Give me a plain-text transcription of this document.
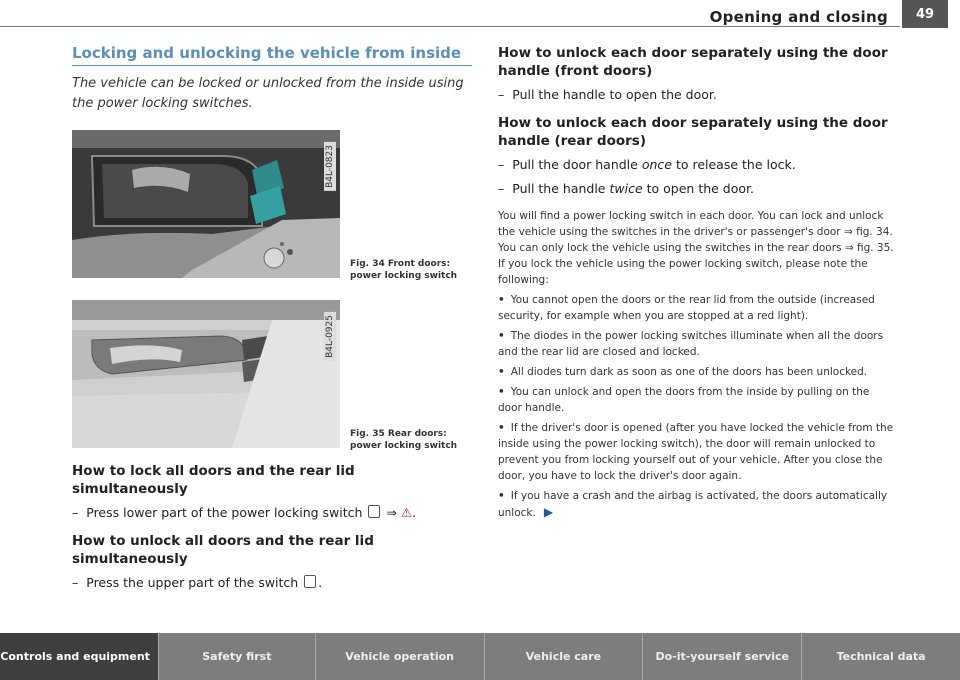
Opening and closing	49
Locking and unlocking the vehicle from inside

The vehicle can be locked or unlocked from the inside using the power locking switches.

B4L-0823
Fig. 34 Front doors:
power locking switch
B4L-0925
Fig. 35 Rear doors:
power locking switch
How to lock all doors and the rear lid simultaneously

– Press lower part of the power locking switch ⇒ ⚠.

How to unlock all doors and the rear lid simultaneously

– Press the upper part of the switch .

How to unlock each door separately using the door handle (front doors)

– Pull the handle to open the door.

How to unlock each door separately using the door handle (rear doors)

– Pull the door handle once to release the lock.

– Pull the handle twice to open the door.

You will find a power locking switch in each door. You can lock and unlock the vehicle using the switches in the driver's or passenger's door ⇒ fig. 34. You can only lock the vehicle using the switches in the rear doors ⇒ fig. 35. If you lock the vehicle using the power locking switch, please note the following:

• You cannot open the doors or the rear lid from the outside (increased security, for example when you are stopped at a red light).

• The diodes in the power locking switches illuminate when all the doors and the rear lid are closed and locked.

• All diodes turn dark as soon as one of the doors has been unlocked.

• You can unlock and open the doors from the inside by pulling on the door handle.

• If the driver's door is opened (after you have locked the vehicle from the inside using the power locking switch), the door will remain unlocked to prevent you from locking yourself out of your vehicle. After you close the door, you have to lock the driver's door again.

• If you have a crash and the airbag is activated, the doors automatically unlock. ▶

Controls and equipment	Safety first	Vehicle operation	Vehicle care	Do-it-yourself service	Technical data
